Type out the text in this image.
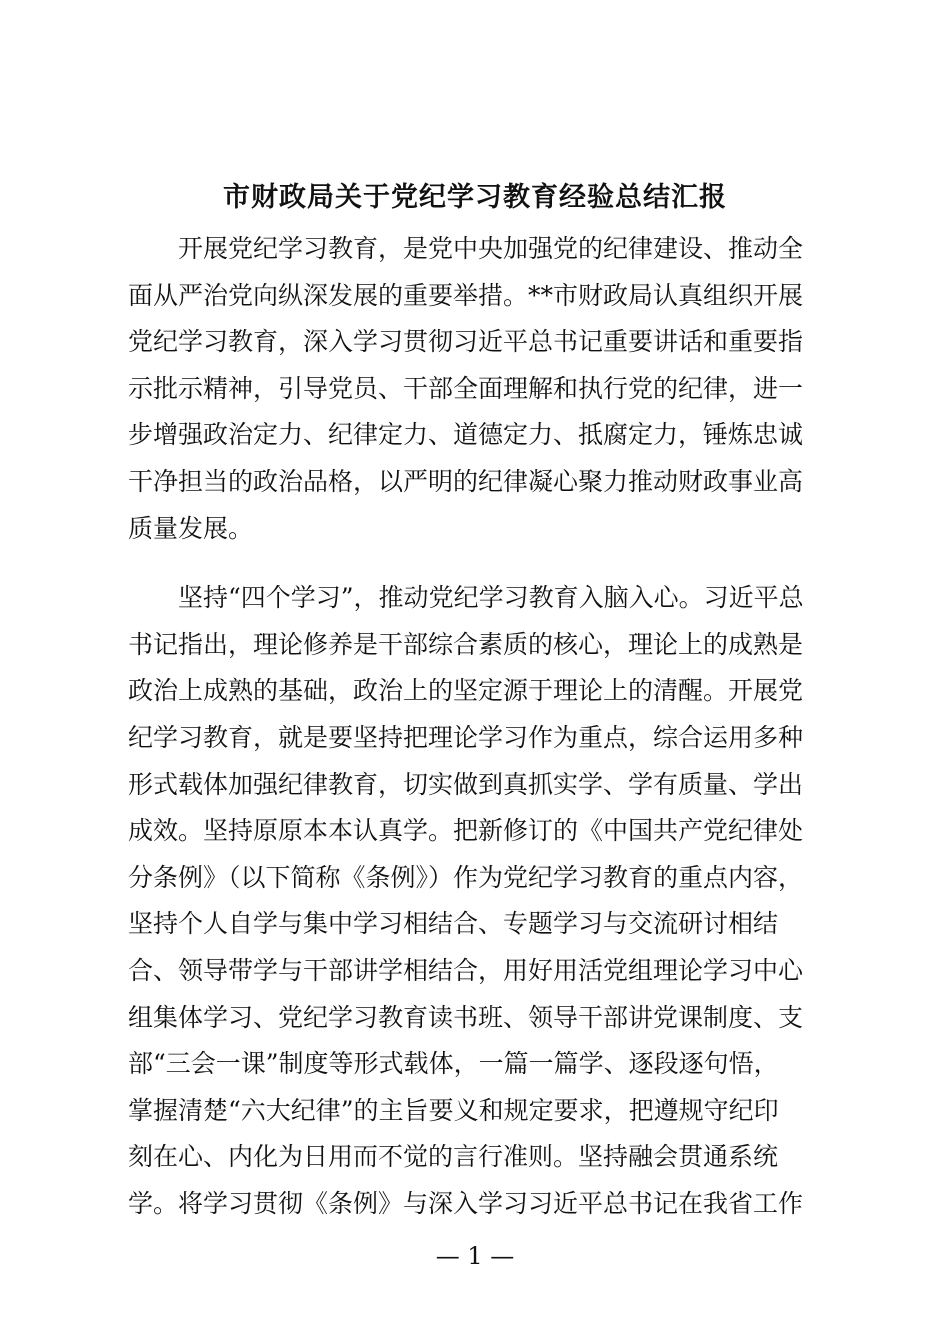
市财政局关于党纪学习教育经验总结汇报
　　开展党纪学习教育，是党中央加强党的纪律建设、推动全
面从严治党向纵深发展的重要举措。**市财政局认真组织开展
党纪学习教育，深入学习贯彻习近平总书记重要讲话和重要指
示批示精神，引导党员、干部全面理解和执行党的纪律，进一
步增强政治定力、纪律定力、道德定力、抵腐定力，锤炼忠诚
干净担当的政治品格，以严明的纪律凝心聚力推动财政事业高
质量发展。
　　坚持“四个学习”，推动党纪学习教育入脑入心。习近平总
书记指出，理论修养是干部综合素质的核心，理论上的成熟是
政治上成熟的基础，政治上的坚定源于理论上的清醒。开展党
纪学习教育，就是要坚持把理论学习作为重点，综合运用多种
形式载体加强纪律教育，切实做到真抓实学、学有质量、学出
成效。坚持原原本本认真学。把新修订的《中国共产党纪律处
分条例》（以下简称《条例》）作为党纪学习教育的重点内容，
坚持个人自学与集中学习相结合、专题学习与交流研讨相结
合、领导带学与干部讲学相结合，用好用活党组理论学习中心
组集体学习、党纪学习教育读书班、领导干部讲党课制度、支
部“三会一课”制度等形式载体，一篇一篇学、逐段逐句悟，
掌握清楚“六大纪律”的主旨要义和规定要求，把遵规守纪印
刻在心、内化为日用而不觉的言行准则。坚持融会贯通系统
学。将学习贯彻《条例》与深入学习习近平总书记在我省工作
— 1 —
